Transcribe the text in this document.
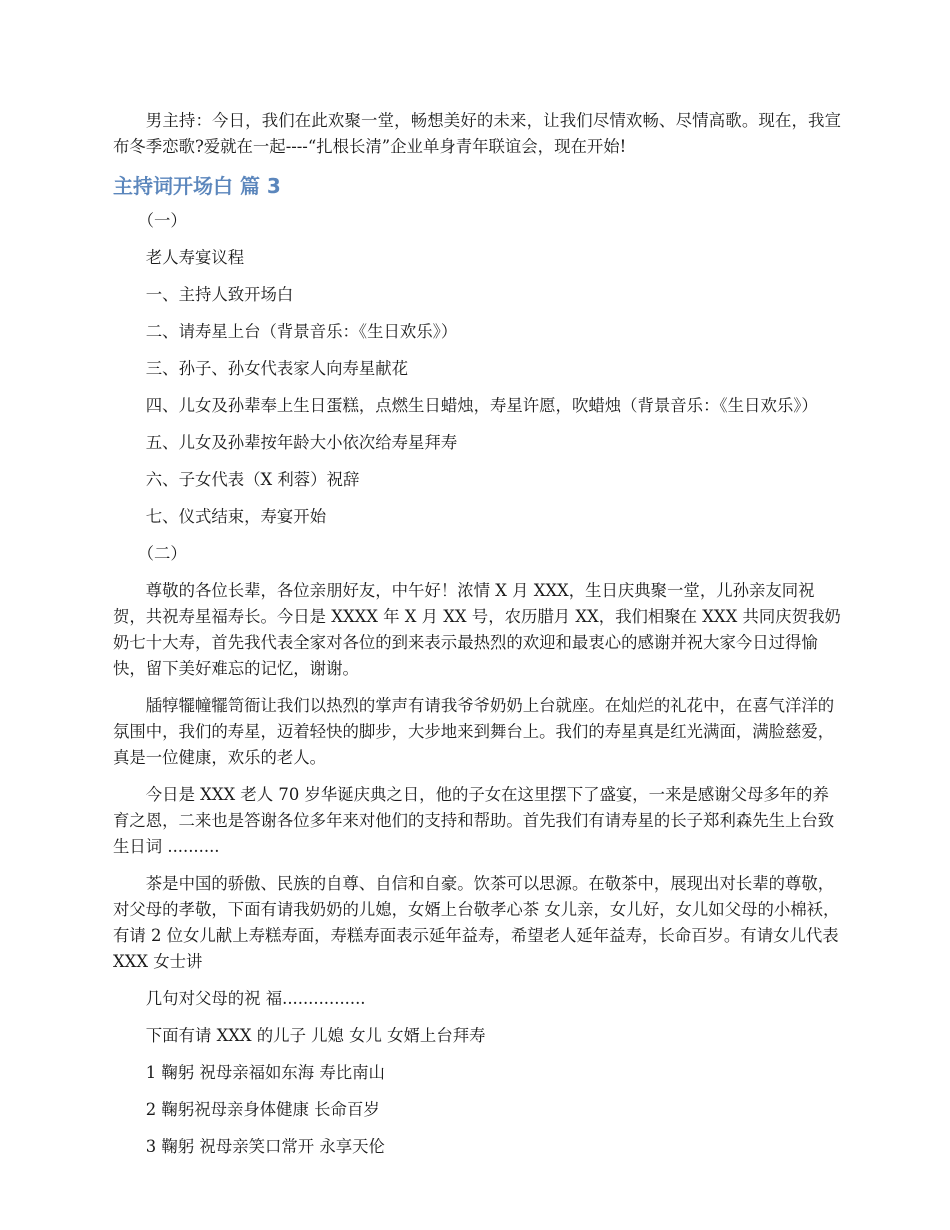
男主持：今日，我们在此欢聚一堂，畅想美好的未来，让我们尽情欢畅、尽情高歌。现在，我宣布冬季恋歌?爱就在一起----“扎根长清”企业单身青年联谊会，现在开始!

主持词开场白 篇 3

（一）

老人寿宴议程

一、主持人致开场白

二、请寿星上台（背景音乐：《生日欢乐》）

三、孙子、孙女代表家人向寿星献花

四、儿女及孙辈奉上生日蛋糕，点燃生日蜡烛，寿星许愿，吹蜡烛（背景音乐：《生日欢乐》）

五、儿女及孙辈按年龄大小依次给寿星拜寿

六、子女代表（X 利蓉）祝辞

七、仪式结束，寿宴开始

（二）

尊敬的各位长辈，各位亲朋好友，中午好！浓情 X 月 XXX，生日庆典聚一堂，儿孙亲友同祝贺，共祝寿星福寿长。今日是 XXXX 年 X 月 XX 号，农历腊月 XX，我们相聚在 XXX 共同庆贺我奶奶七十大寿，首先我代表全家对各位的到来表示最热烈的欢迎和最衷心的感谢并祝大家今日过得愉快，留下美好难忘的记忆，谢谢。

牐犉犤幢犤笥衙让我们以热烈的掌声有请我爷爷奶奶上台就座。在灿烂的礼花中，在喜气洋洋的氛围中，我们的寿星，迈着轻快的脚步，大步地来到舞台上。我们的寿星真是红光满面，满脸慈爱，真是一位健康，欢乐的老人。

今日是 XXX 老人 70 岁华诞庆典之日，他的子女在这里摆下了盛宴，一来是感谢父母多年的养育之恩，二来也是答谢各位多年来对他们的支持和帮助。首先我们有请寿星的长子郑利森先生上台致生日词 ..........

茶是中国的骄傲、民族的自尊、自信和自豪。饮茶可以思源。在敬茶中，展现出对长辈的尊敬，对父母的孝敬，下面有请我奶奶的儿媳，女婿上台敬孝心茶 女儿亲，女儿好，女儿如父母的小棉袄，有请 2 位女儿献上寿糕寿面，寿糕寿面表示延年益寿，希望老人延年益寿，长命百岁。有请女儿代表 XXX 女士讲

几句对父母的祝 福................

下面有请 XXX 的儿子 儿媳 女儿 女婿上台拜寿

1 鞠躬 祝母亲福如东海 寿比南山

2 鞠躬祝母亲身体健康 长命百岁

3 鞠躬 祝母亲笑口常开 永享天伦
